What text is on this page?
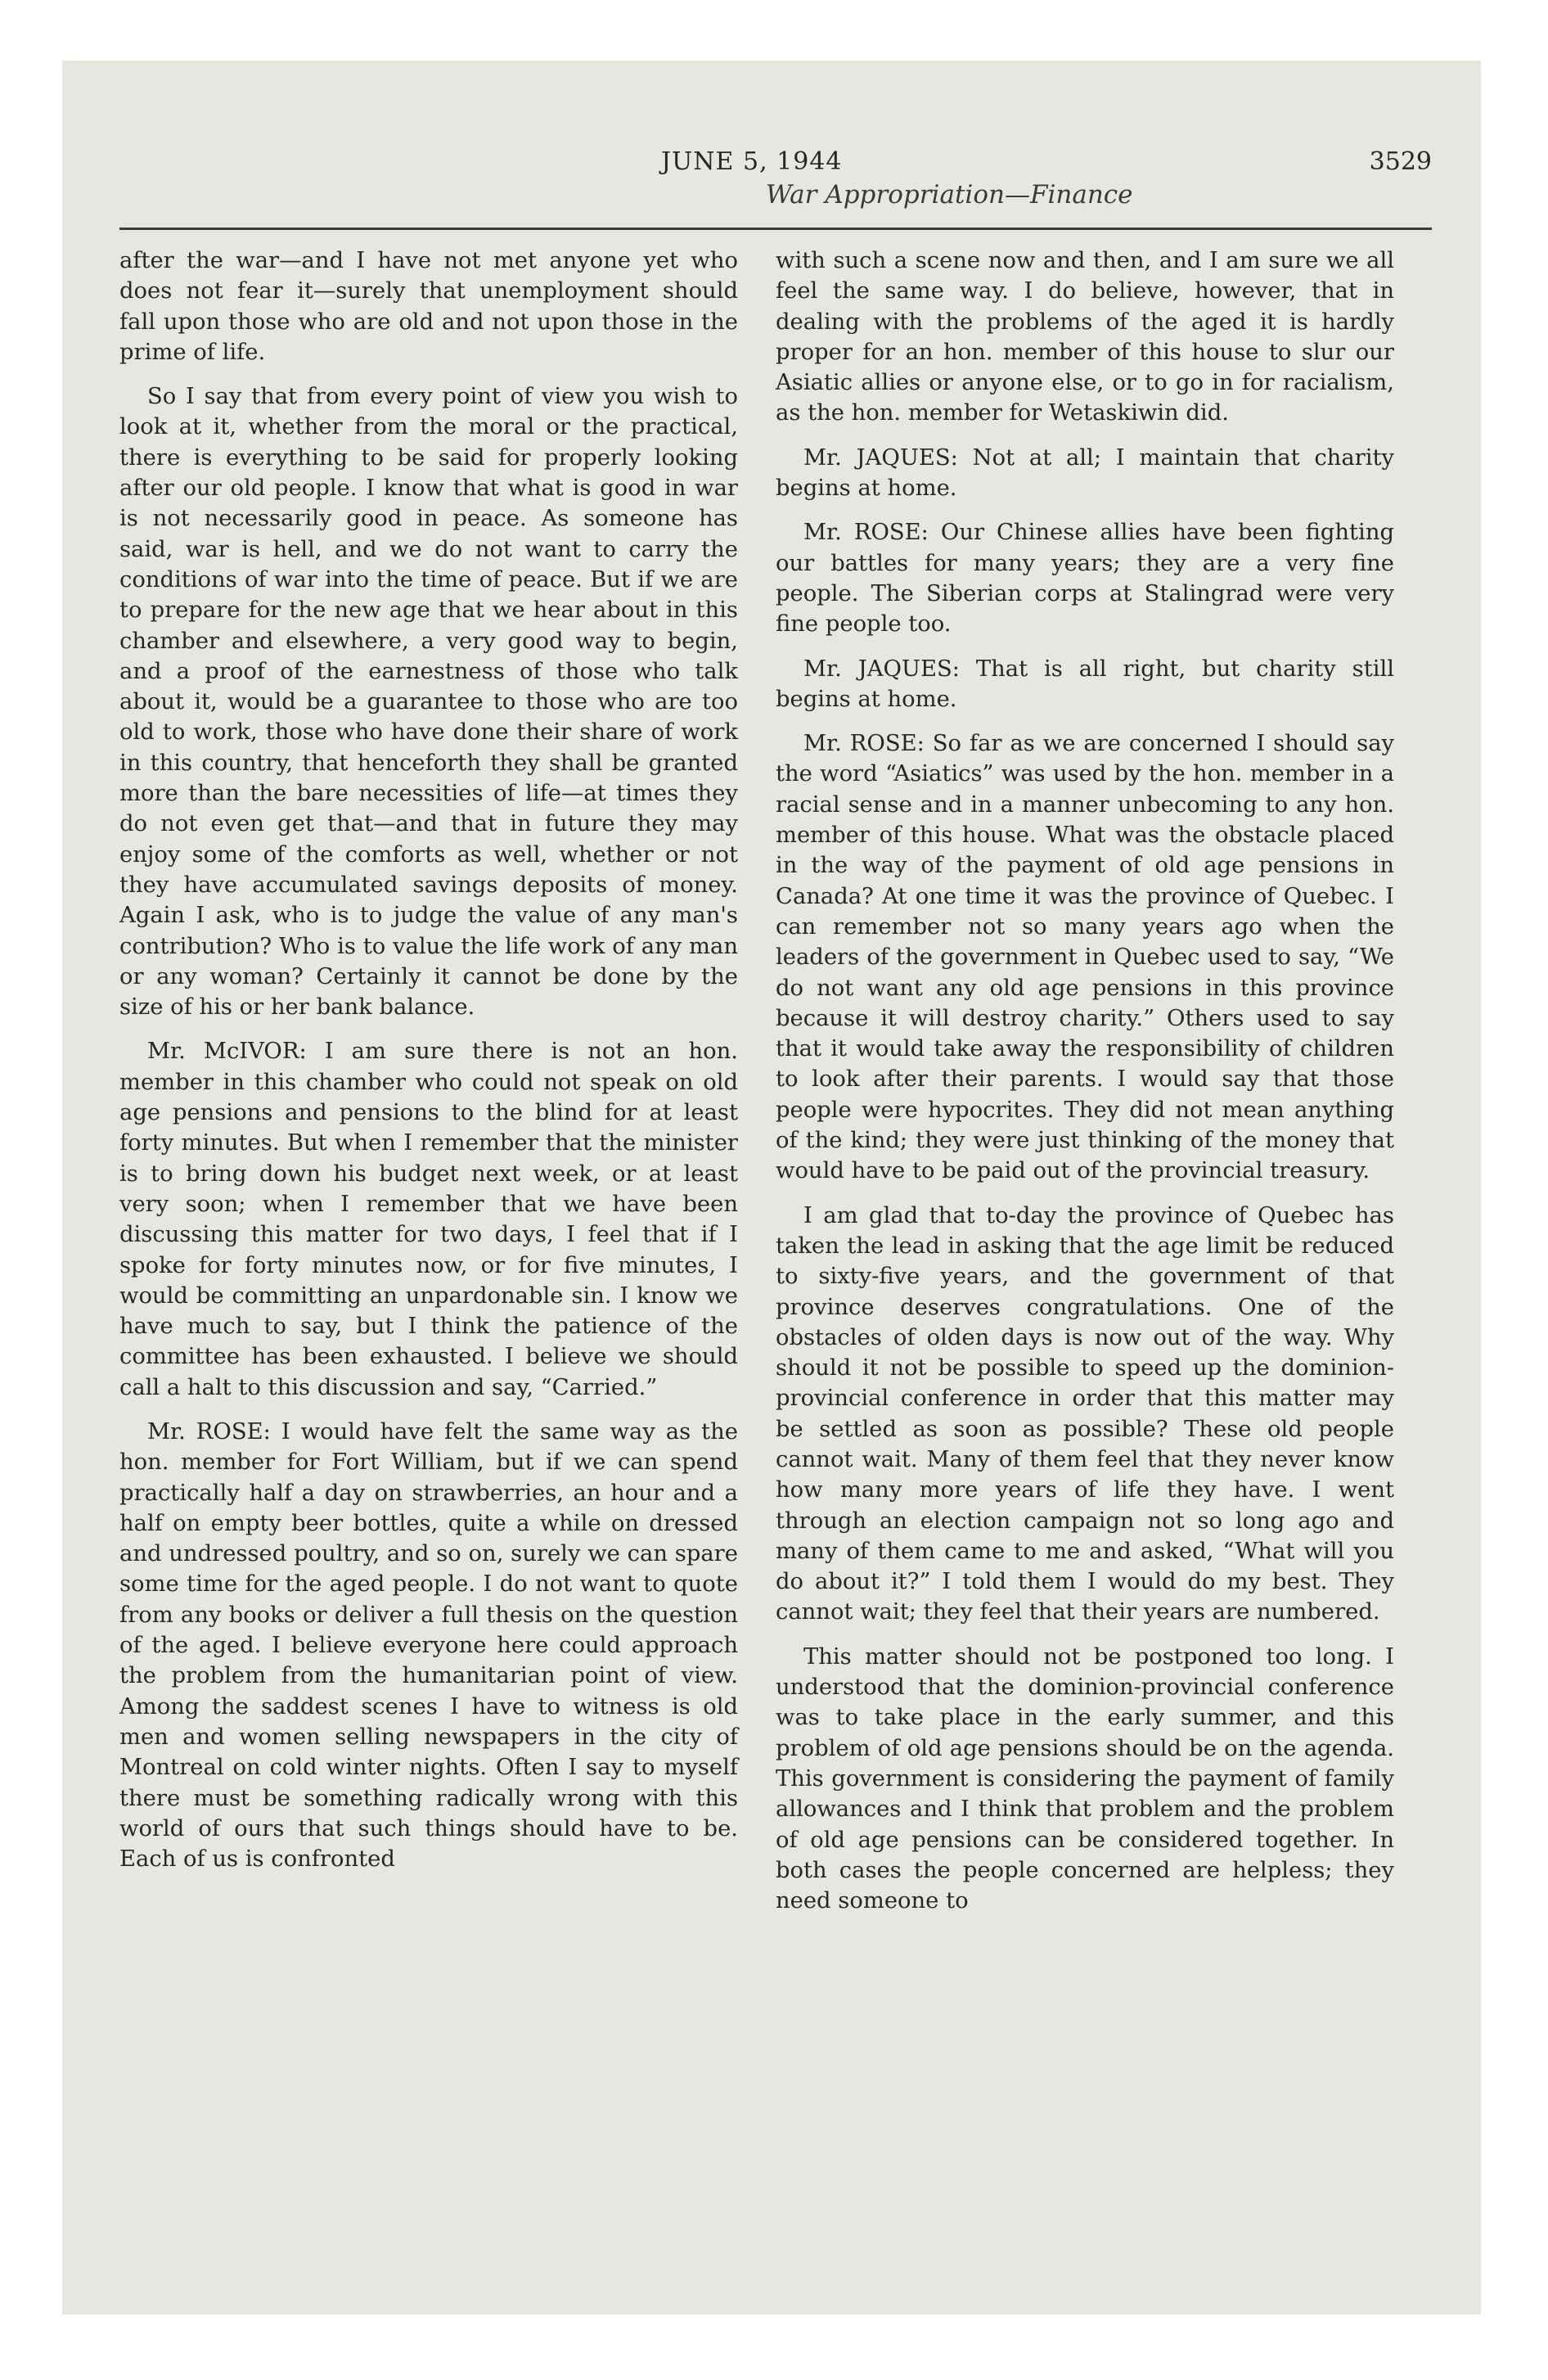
JUNE 5, 1944
War Appropriation—Finance
3529

after the war—and I have not met anyone yet who does not fear it—surely that unemployment should fall upon those who are old and not upon those in the prime of life.

So I say that from every point of view you wish to look at it, whether from the moral or the practical, there is everything to be said for properly looking after our old people. I know that what is good in war is not necessarily good in peace. As someone has said, war is hell, and we do not want to carry the conditions of war into the time of peace. But if we are to prepare for the new age that we hear about in this chamber and elsewhere, a very good way to begin, and a proof of the earnestness of those who talk about it, would be a guarantee to those who are too old to work, those who have done their share of work in this country, that henceforth they shall be granted more than the bare necessities of life—at times they do not even get that—and that in future they may enjoy some of the comforts as well, whether or not they have accumulated savings deposits of money. Again I ask, who is to judge the value of any man's contribution? Who is to value the life work of any man or any woman? Certainly it cannot be done by the size of his or her bank balance.

Mr. McIVOR: I am sure there is not an hon. member in this chamber who could not speak on old age pensions and pensions to the blind for at least forty minutes. But when I remember that the minister is to bring down his budget next week, or at least very soon; when I remember that we have been discussing this matter for two days, I feel that if I spoke for forty minutes now, or for five minutes, I would be committing an unpardonable sin. I know we have much to say, but I think the patience of the committee has been exhausted. I believe we should call a halt to this discussion and say, “Carried.”

Mr. ROSE: I would have felt the same way as the hon. member for Fort William, but if we can spend practically half a day on strawberries, an hour and a half on empty beer bottles, quite a while on dressed and undressed poultry, and so on, surely we can spare some time for the aged people. I do not want to quote from any books or deliver a full thesis on the question of the aged. I believe everyone here could approach the problem from the humanitarian point of view. Among the saddest scenes I have to witness is old men and women selling newspapers in the city of Montreal on cold winter nights. Often I say to myself there must be something radically wrong with this world of ours that such things should have to be. Each of us is confronted

with such a scene now and then, and I am sure we all feel the same way. I do believe, however, that in dealing with the problems of the aged it is hardly proper for an hon. member of this house to slur our Asiatic allies or anyone else, or to go in for racialism, as the hon. member for Wetaskiwin did.

Mr. JAQUES: Not at all; I maintain that charity begins at home.

Mr. ROSE: Our Chinese allies have been fighting our battles for many years; they are a very fine people. The Siberian corps at Stalingrad were very fine people too.

Mr. JAQUES: That is all right, but charity still begins at home.

Mr. ROSE: So far as we are concerned I should say the word “Asiatics” was used by the hon. member in a racial sense and in a manner unbecoming to any hon. member of this house. What was the obstacle placed in the way of the payment of old age pensions in Canada? At one time it was the province of Quebec. I can remember not so many years ago when the leaders of the government in Quebec used to say, “We do not want any old age pensions in this province because it will destroy charity.” Others used to say that it would take away the responsibility of children to look after their parents. I would say that those people were hypocrites. They did not mean anything of the kind; they were just thinking of the money that would have to be paid out of the provincial treasury.

I am glad that to-day the province of Quebec has taken the lead in asking that the age limit be reduced to sixty-five years, and the government of that province deserves congratulations. One of the obstacles of olden days is now out of the way. Why should it not be possible to speed up the dominion-provincial conference in order that this matter may be settled as soon as possible? These old people cannot wait. Many of them feel that they never know how many more years of life they have. I went through an election campaign not so long ago and many of them came to me and asked, “What will you do about it?” I told them I would do my best. They cannot wait; they feel that their years are numbered.

This matter should not be postponed too long. I understood that the dominion-provincial conference was to take place in the early summer, and this problem of old age pensions should be on the agenda. This government is considering the payment of family allowances and I think that problem and the problem of old age pensions can be considered together. In both cases the people concerned are helpless; they need someone to
